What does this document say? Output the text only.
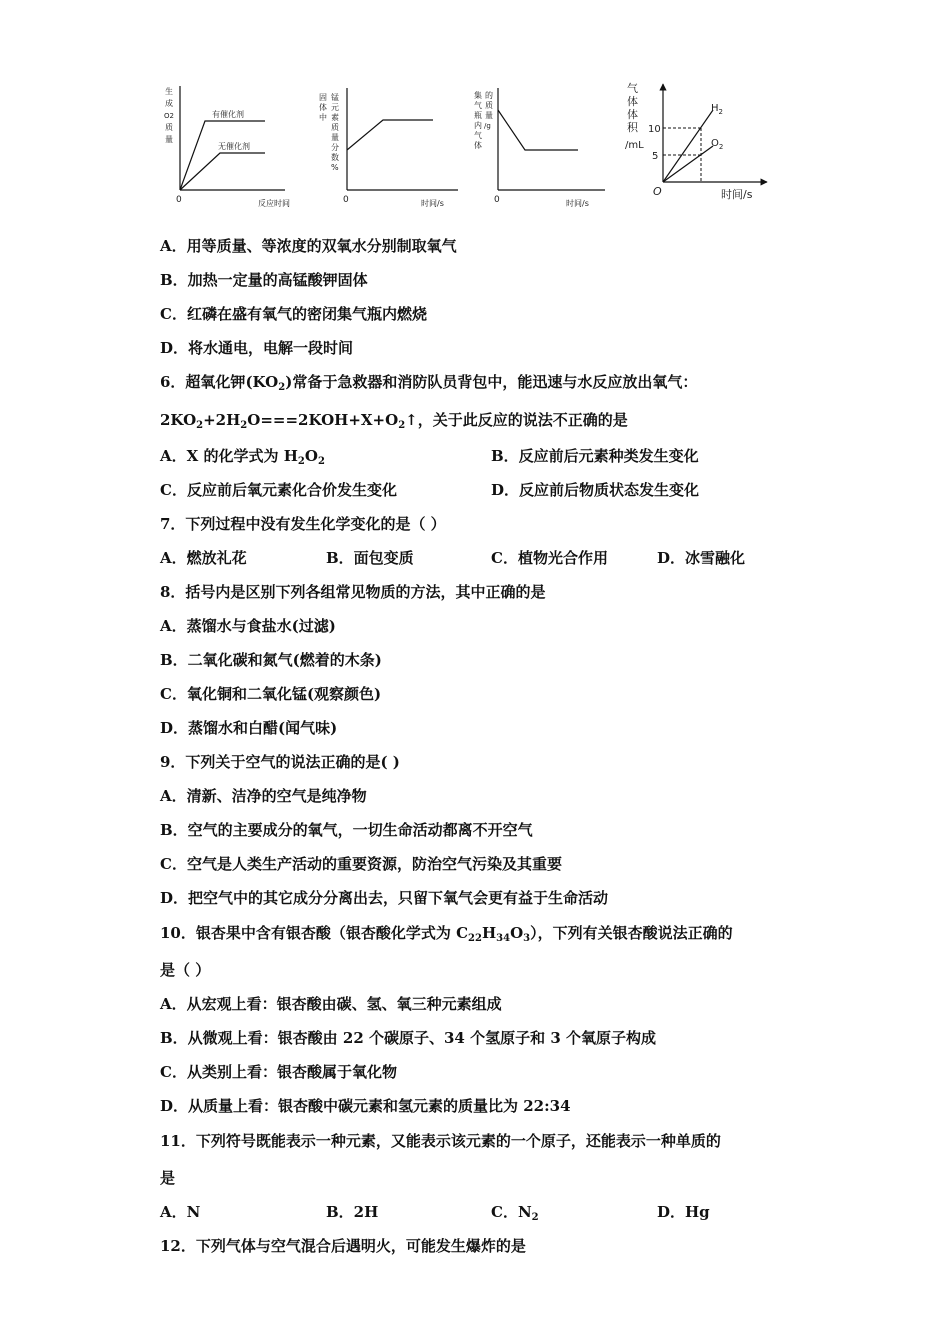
生
成
O2
质
量
0	反应时间
有催化剂
无催化剂
固
体
中
锰
元
素
质
量
分
数
%
0	时间/s
集
气
瓶
内
气
体
的
质
量
/g
0	时间/s
气
体
体
积
/mL
10
5
O	时间/s
$H_2$
$O_2$
A．用等质量、等浓度的双氧水分别制取氧气
B．加热一定量的高锰酸钾固体
C．红磷在盛有氧气的密闭集气瓶内燃烧
D．将水通电，电解一段时间
6．超氧化钾$(KO_2)$常备于急救器和消防队员背包中，能迅速与水反应放出氧气：
$2KO_2+2H_2O===2KOH+X+O_2↑$，关于此反应的说法不正确的是
A．X 的化学式为 $H_2O_2$	B．反应前后元素种类发生变化
C．反应前后氧元素化合价发生变化	D．反应前后物质状态发生变化
7．下列过程中没有发生化学变化的是（ ）
A．燃放礼花	B．面包变质	C．植物光合作用	D．冰雪融化
8．括号内是区别下列各组常见物质的方法，其中正确的是
A．蒸馏水与食盐水(过滤)
B．二氧化碳和氮气(燃着的木条)
C．氧化铜和二氧化锰(观察颜色)
D．蒸馏水和白醋(闻气味)
9．下列关于空气的说法正确的是( )
A．清新、洁净的空气是纯净物
B．空气的主要成分的氧气，一切生命活动都离不开空气
C．空气是人类生产活动的重要资源，防治空气污染及其重要
D．把空气中的其它成分分离出去，只留下氧气会更有益于生命活动
10．银杏果中含有银杏酸（银杏酸化学式为 $C_{22}H_{34}O_3$），下列有关银杏酸说法正确的
是（ ）
A．从宏观上看：银杏酸由碳、氢、氧三种元素组成
B．从微观上看：银杏酸由 22 个碳原子、34 个氢原子和 3 个氧原子构成
C．从类别上看：银杏酸属于氧化物
D．从质量上看：银杏酸中碳元素和氢元素的质量比为 22:34
11．下列符号既能表示一种元素，又能表示该元素的一个原子，还能表示一种单质的
是
A．N	B．2H	C．$N_2$	D．Hg
12．下列气体与空气混合后遇明火，可能发生爆炸的是
